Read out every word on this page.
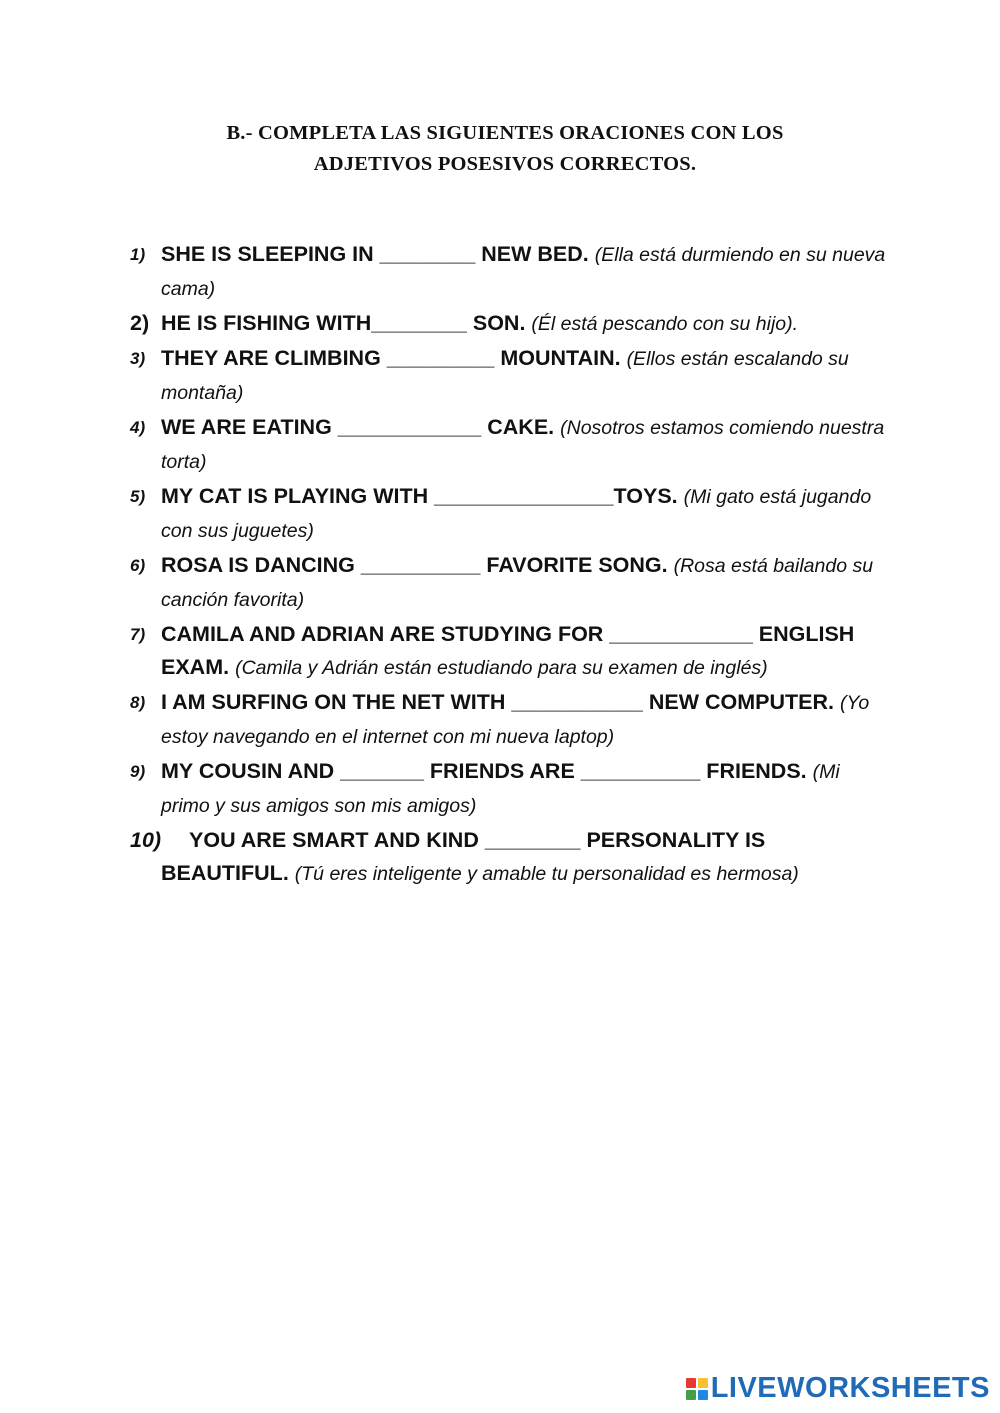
B.- COMPLETA LAS SIGUIENTES ORACIONES CON LOS
ADJETIVOS POSESIVOS CORRECTOS.
1) SHE IS SLEEPING IN ________ NEW BED. (Ella está durmiendo en su nueva cama)
2) HE IS FISHING WITH________ SON. (Él está pescando con su hijo).
3) THEY ARE CLIMBING _________ MOUNTAIN. (Ellos están escalando su montaña)
4) WE ARE EATING ____________ CAKE. (Nosotros estamos comiendo nuestra torta)
5) MY CAT IS PLAYING WITH _______________TOYS. (Mi gato está jugando con sus juguetes)
6) ROSA IS DANCING __________ FAVORITE SONG. (Rosa está bailando su canción favorita)
7) CAMILA AND ADRIAN ARE STUDYING FOR ____________ ENGLISH EXAM. (Camila y Adrián están estudiando para su examen de inglés)
8) I AM SURFING ON THE NET WITH ___________ NEW COMPUTER. (Yo estoy navegando en el internet con mi nueva laptop)
9) MY COUSIN AND _______ FRIENDS ARE __________ FRIENDS. (Mi primo y sus amigos son mis amigos)
10) YOU ARE SMART AND KIND ________ PERSONALITY IS BEAUTIFUL. (Tú eres inteligente y amable tu personalidad es hermosa)
LIVEWORKSHEETS
